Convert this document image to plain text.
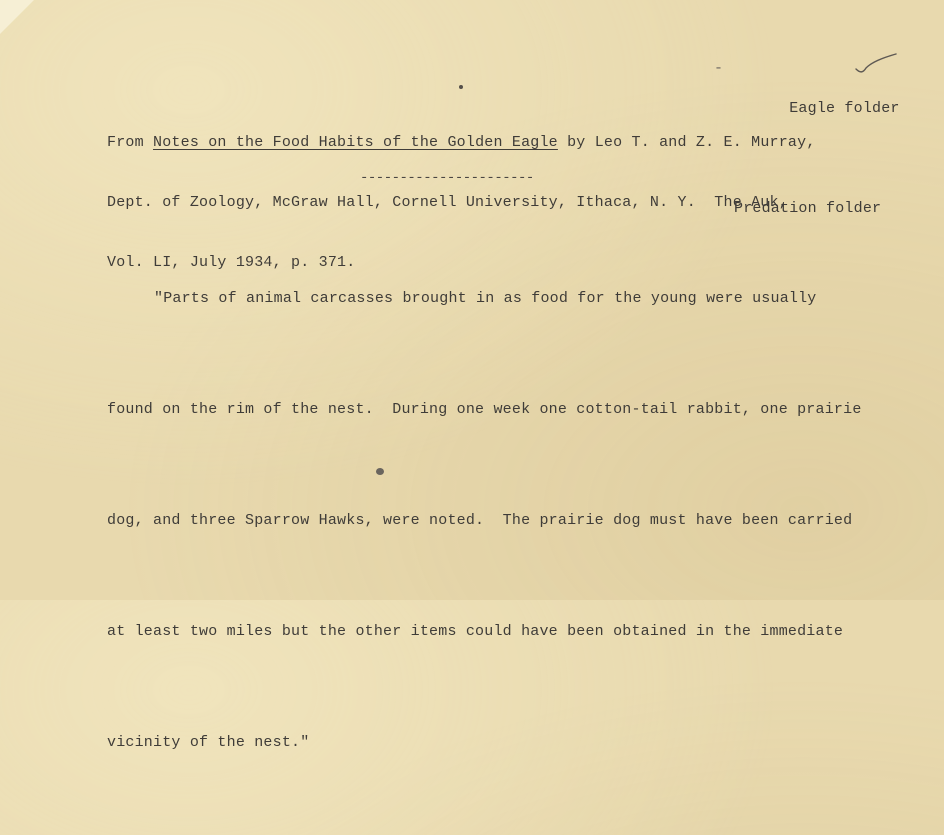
-

Eagle folder

Predation folder

From Notes on the Food Habits of the Golden Eagle by Leo T. and Z. E. Murray,

Dept. of Zoology, McGraw Hall, Cornell University, Ithaca, N. Y.  The Auk,

Vol. LI, July 1934, p. 371.

----------------------

"Parts of animal carcasses brought in as food for the young were usually

found on the rim of the nest.  During one week one cotton-tail rabbit, one prairie

dog, and three Sparrow Hawks, were noted.  The prairie dog must have been carried

at least two miles but the other items could have been obtained in the immediate

vicinity of the nest."
